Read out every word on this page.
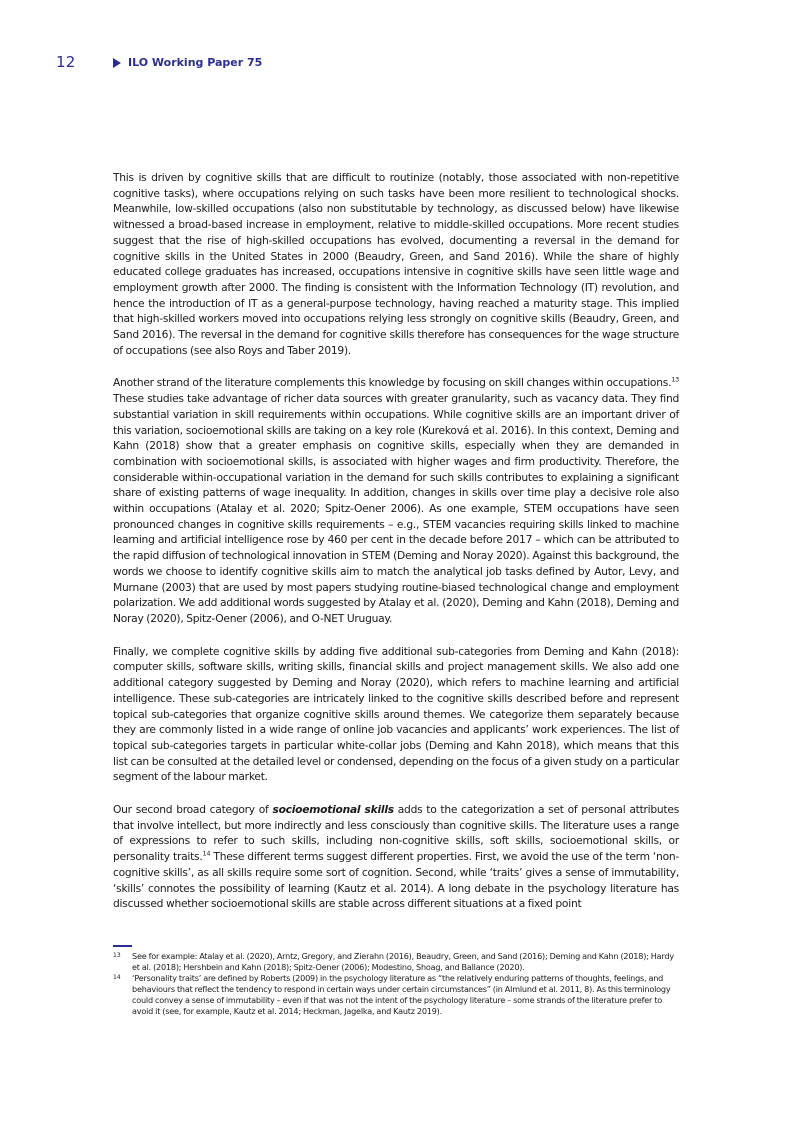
12	ILO Working Paper 75

This is driven by cognitive skills that are difficult to routinize (notably, those associated with non-repetitive cognitive tasks), where occupations relying on such tasks have been more resilient to technological shocks. Meanwhile, low-skilled occupations (also non substitutable by technology, as discussed below) have likewise witnessed a broad-based increase in employment, relative to middle-skilled occupations. More recent studies suggest that the rise of high-skilled occupations has evolved, documenting a reversal in the demand for cognitive skills in the United States in 2000 (Beaudry, Green, and Sand 2016). While the share of highly educated college graduates has increased, occupations intensive in cognitive skills have seen little wage and employment growth after 2000. The finding is consistent with the Information Technology (IT) revolution, and hence the introduction of IT as a general-purpose technology, having reached a maturity stage. This implied that high-skilled workers moved into occupations relying less strongly on cognitive skills (Beaudry, Green, and Sand 2016). The reversal in the demand for cognitive skills therefore has consequences for the wage structure of occupations (see also Roys and Taber 2019).

Another strand of the literature complements this knowledge by focusing on skill changes within occupations.$^{13}$ These studies take advantage of richer data sources with greater granularity, such as vacancy data. They find substantial variation in skill requirements within occupations. While cognitive skills are an important driver of this variation, socioemotional skills are taking on a key role (Kureková et al. 2016). In this context, Deming and Kahn (2018) show that a greater emphasis on cognitive skills, especially when they are demanded in combination with socioemotional skills, is associated with higher wages and firm productivity. Therefore, the considerable within-occupational variation in the demand for such skills contributes to explaining a significant share of existing patterns of wage inequality. In addition, changes in skills over time play a decisive role also within occupations (Atalay et al. 2020; Spitz-Oener 2006). As one example, STEM occupations have seen pronounced changes in cognitive skills requirements – e.g., STEM vacancies requiring skills linked to machine learning and artificial intelligence rose by 460 per cent in the decade before 2017 – which can be attributed to the rapid diffusion of technological innovation in STEM (Deming and Noray 2020). Against this background, the words we choose to identify cognitive skills aim to match the analytical job tasks defined by Autor, Levy, and Murnane (2003) that are used by most papers studying routine-biased technological change and employment polarization. We add additional words suggested by Atalay et al. (2020), Deming and Kahn (2018), Deming and Noray (2020), Spitz-Oener (2006), and O-NET Uruguay.

Finally, we complete cognitive skills by adding five additional sub-categories from Deming and Kahn (2018): computer skills, software skills, writing skills, financial skills and project management skills. We also add one additional category suggested by Deming and Noray (2020), which refers to machine learning and artificial intelligence. These sub-categories are intricately linked to the cognitive skills described before and represent topical sub-categories that organize cognitive skills around themes. We categorize them separately because they are commonly listed in a wide range of online job vacancies and applicants’ work experiences. The list of topical sub-categories targets in particular white-collar jobs (Deming and Kahn 2018), which means that this list can be consulted at the detailed level or condensed, depending on the focus of a given study on a particular segment of the labour market.

Our second broad category of socioemotional skills adds to the categorization a set of personal attributes that involve intellect, but more indirectly and less consciously than cognitive skills. The literature uses a range of expressions to refer to such skills, including non-cognitive skills, soft skills, socioemotional skills, or personality traits.$^{14}$ These different terms suggest different properties. First, we avoid the use of the term ‘non-cognitive skills’, as all skills require some sort of cognition. Second, while ‘traits’ gives a sense of immutability, ‘skills’ connotes the possibility of learning (Kautz et al. 2014). A long debate in the psychology literature has discussed whether socioemotional skills are stable across different situations at a fixed point

13	See for example: Atalay et al. (2020), Arntz, Gregory, and Zierahn (2016), Beaudry, Green, and Sand (2016); Deming and Kahn (2018); Hardy et al. (2018); Hershbein and Kahn (2018); Spitz-Oener (2006); Modestino, Shoag, and Ballance (2020).
14	‘Personality traits’ are defined by Roberts (2009) in the psychology literature as “the relatively enduring patterns of thoughts, feelings, and behaviours that reflect the tendency to respond in certain ways under certain circumstances” (in Almlund et al. 2011, 8). As this terminology could convey a sense of immutability – even if that was not the intent of the psychology literature – some strands of the literature prefer to avoid it (see, for example, Kautz et al. 2014; Heckman, Jagelka, and Kautz 2019).
